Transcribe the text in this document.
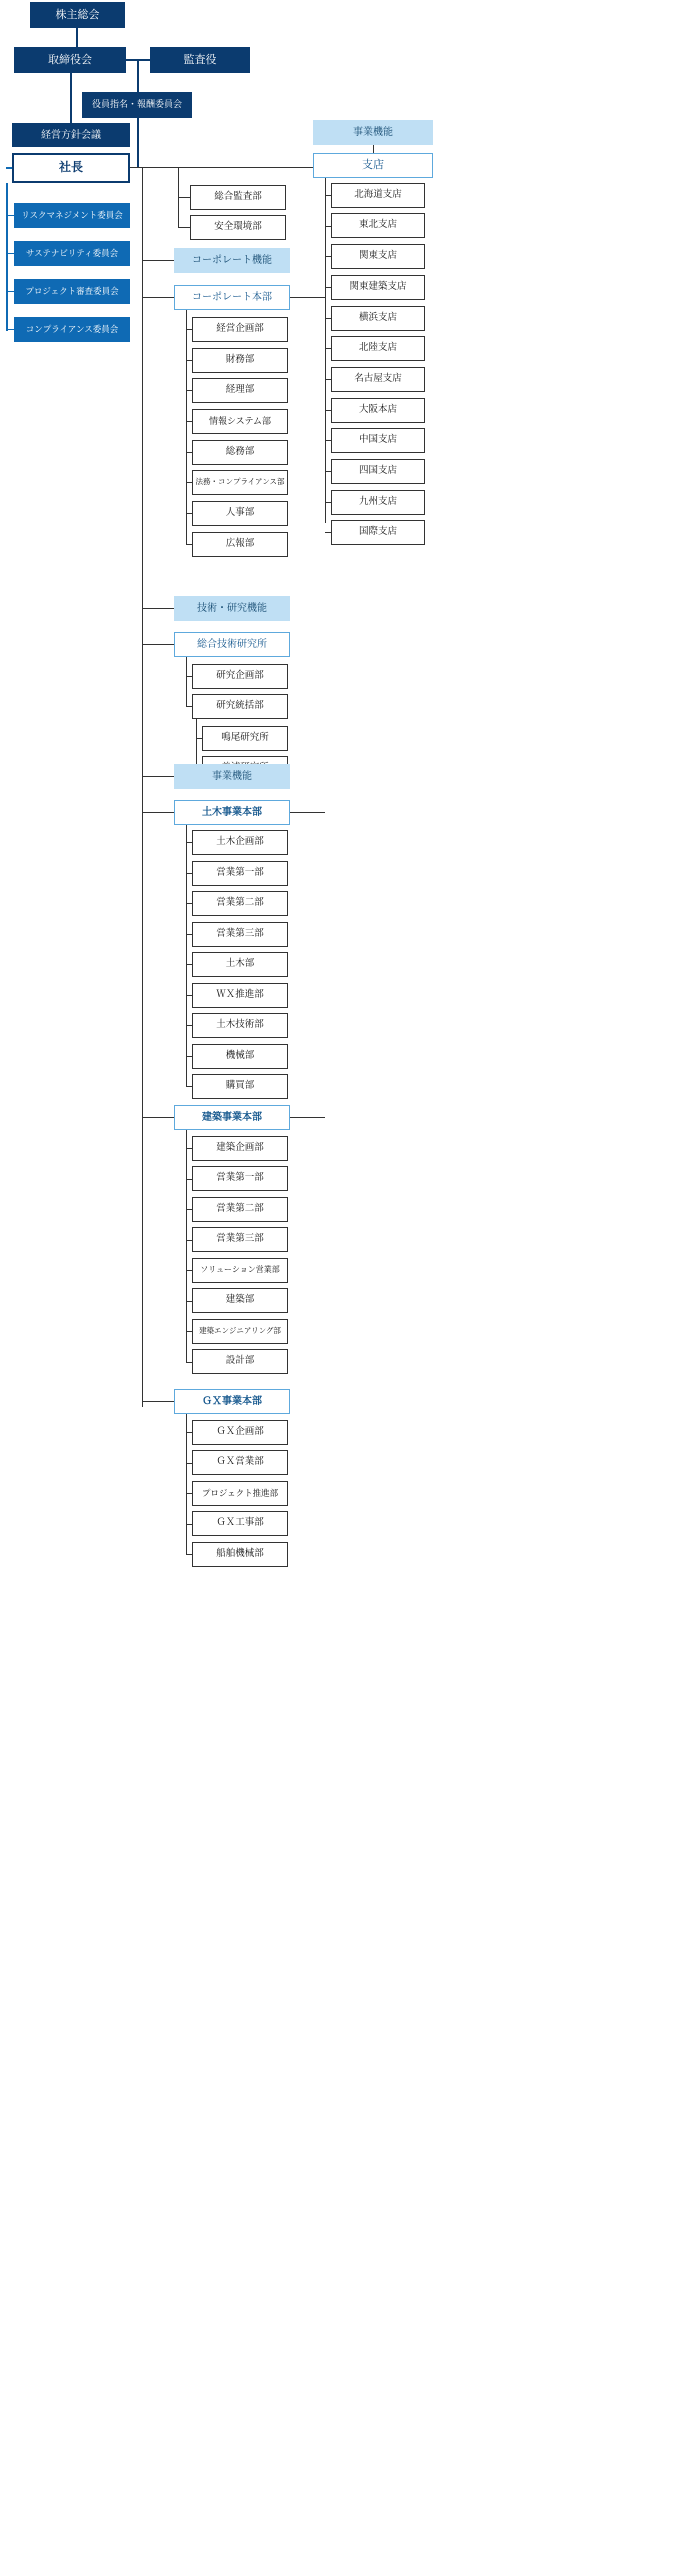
株主総会
取締役会	監査役
役員指名・報酬委員会
経営方針会議
社長
リスクマネジメント委員会
サステナビリティ委員会
プロジェクト審査委員会
コンプライアンス委員会
事業機能
支店
北海道支店
東北支店
関東支店
関東建築支店
横浜支店
北陸支店
名古屋支店
大阪本店
中国支店
四国支店
九州支店
国際支店
総合監査部
安全環境部
コーポレート機能
コーポレート本部
経営企画部
財務部
経理部
情報システム部
総務部
法務・コンプライアンス部
人事部
広報部
技術・研究機能
総合技術研究所
研究企画部
研究統括部
鳴尾研究所
事業機能
土木事業本部
土木企画部
営業第一部
営業第二部
営業第三部
土木部
ＷＸ推進部
土木技術部
機械部
購買部
建築事業本部
建築企画部
営業第一部
営業第二部
営業第三部
ソリューション営業部
建築部
建築エンジニアリング部
設計部
ＧＸ事業本部
ＧＸ企画部
ＧＸ営業部
プロジェクト推進部
ＧＸ工事部
船舶機械部
